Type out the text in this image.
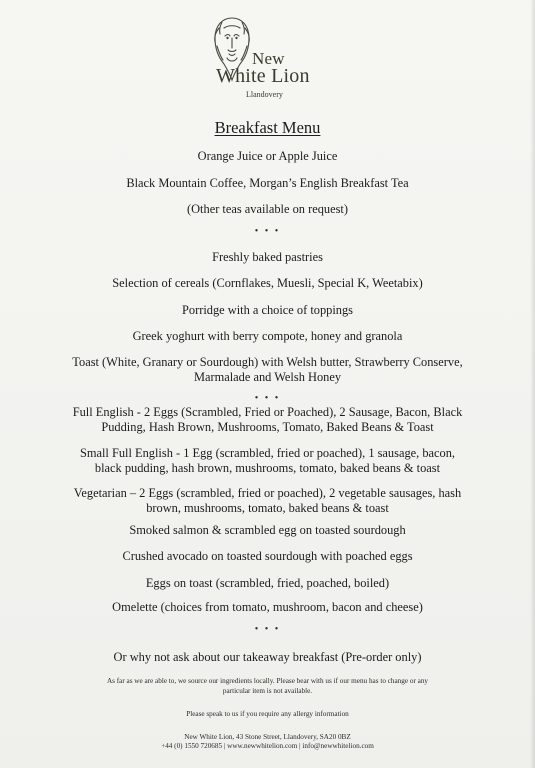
New
White Lion
Llandovery
Breakfast Menu
Orange Juice or Apple Juice
Black Mountain Coffee, Morgan’s English Breakfast Tea
(Other teas available on request)
• • •
Freshly baked pastries
Selection of cereals (Cornflakes, Muesli, Special K, Weetabix)
Porridge with a choice of toppings
Greek yoghurt with berry compote, honey and granola
Toast (White, Granary or Sourdough) with Welsh butter, Strawberry Conserve,
Marmalade and Welsh Honey
• • •
Full English - 2 Eggs (Scrambled, Fried or Poached), 2 Sausage, Bacon, Black
Pudding, Hash Brown, Mushrooms, Tomato, Baked Beans & Toast
Small Full English - 1 Egg (scrambled, fried or poached), 1 sausage, bacon,
black pudding, hash brown, mushrooms, tomato, baked beans & toast
Vegetarian – 2 Eggs (scrambled, fried or poached), 2 vegetable sausages, hash
brown, mushrooms, tomato, baked beans & toast
Smoked salmon & scrambled egg on toasted sourdough
Crushed avocado on toasted sourdough with poached eggs
Eggs on toast (scrambled, fried, poached, boiled)
Omelette (choices from tomato, mushroom, bacon and cheese)
• • •
Or why not ask about our takeaway breakfast (Pre-order only)
As far as we are able to, we source our ingredients locally. Please bear with us if our menu has to change or any
particular item is not available.
Please speak to us if you require any allergy information
New White Lion, 43 Stone Street, Llandovery, SA20 0BZ
+44 (0) 1550 720685 | www.newwhitelion.com | info@newwhitelion.com
